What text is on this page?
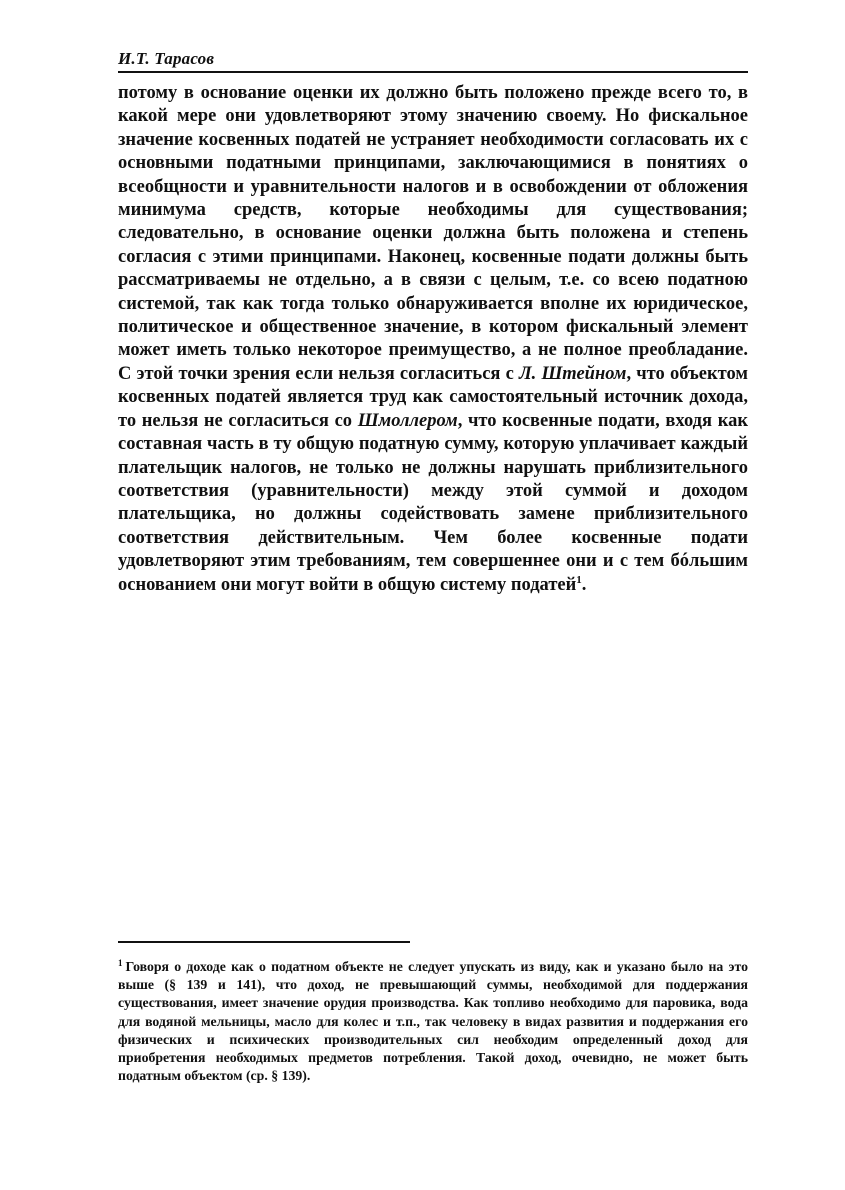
И.Т. Тарасов

потому в основание оценки их должно быть положено прежде всего то, в какой мере они удовлетворяют этому значению своему. Но фискальное значение косвенных податей не устраняет необходимости согласовать их с основными податными принципами, заключающимися в понятиях о всеобщности и уравнительности налогов и в освобождении от обложения минимума средств, которые необходимы для существования; следовательно, в основание оценки должна быть положена и степень согласия с этими принципами. Наконец, косвенные подати должны быть рассматриваемы не отдельно, а в связи с целым, т.е. со всею податною системой, так как тогда только обнаруживается вполне их юридическое, политическое и общественное значение, в котором фискальный элемент может иметь только некоторое преимущество, а не полное преобладание. С этой точки зрения если нельзя согласиться с Л. Штейном, что объектом косвенных податей является труд как самостоятельный источник дохода, то нельзя не согласиться со Шмоллером, что косвенные подати, входя как составная часть в ту общую податную сумму, которую уплачивает каждый плательщик налогов, не только не должны нарушать приблизительного соответствия (уравнительности) между этой суммой и доходом плательщика, но должны содействовать замене приблизительного соответствия действительным. Чем более косвенные подати удовлетворяют этим требованиям, тем совершеннее они и с тем бóльшим основанием они могут войти в общую систему податей$^1$.

$^1$ Говоря о доходе как о податном объекте не следует упускать из виду, как и указано было на это выше (§ 139 и 141), что доход, не превышающий суммы, необходимой для поддержания существования, имеет значение орудия производства. Как топливо необходимо для паровика, вода для водяной мельницы, масло для колес и т.п., так человеку в видах развития и поддержания его физических и психических производительных сил необходим определенный доход для приобретения необходимых предметов потребления. Такой доход, очевидно, не может быть податным объектом (ср. § 139).
